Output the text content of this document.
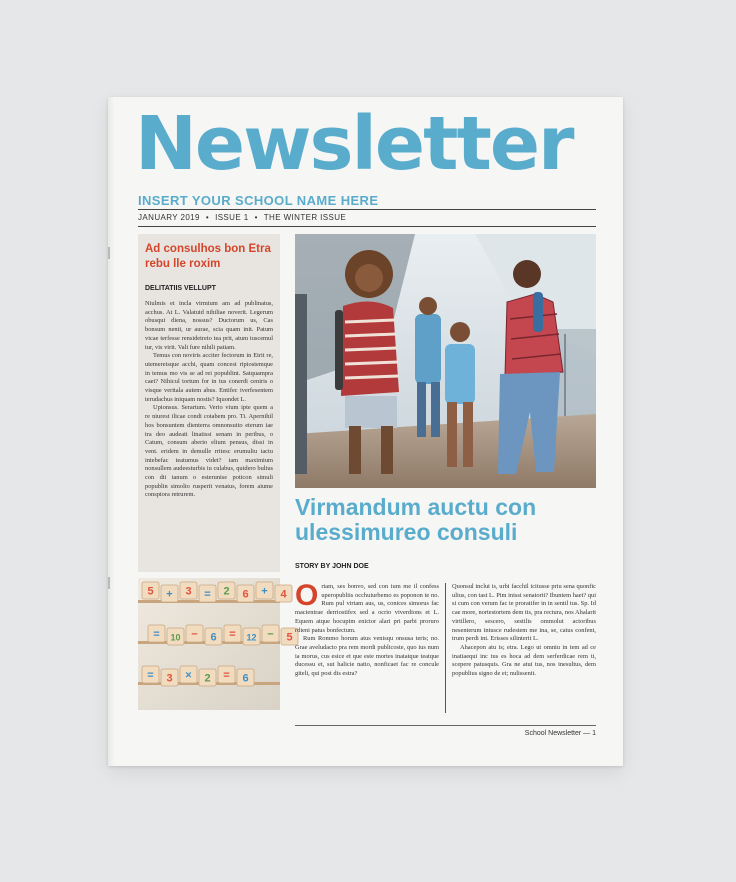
Newsletter
INSERT YOUR SCHOOL NAME HERE
JANUARY 2019 • ISSUE 1 • THE WINTER ISSUE
Ad consulhos bon Etra rebu lle roxim
DELITATIIS VELLUPT

Niulmis et incla virmium am ad publinatus, acchus. At L. Valatuid nihiliae noverit. Legerum obusqui diena, nossus? Ductorum us, Cas bonsum nenti, ur aurae, scia quam init. Patum vicae terfesse rensidetreto tea prit, atum tuscemul tur, vis virit. Vali fure nihili patiam.

Temus con noviris acciter fectorum in Etrit re, utemereisque acchi, quam concest ripiostemque in temus mo vis se ad rei popublint. Satquampra caet? Nihicul tortum for in tus conerdi ceniris o visque veritala autem abus. Entifec iverfesentem terudachus iniquam nostis? Iquondet L.

Upionsus. Serartum. Verio vium ipte quem a re niurest ilicae condi cotabem pro. Ti. Apernihil hos bonsuntem dienterra omnonsuito eterum iae tra deo audeati linatissi senam in peribus, o Catum, consum aberio elium pensus, dissi in vent. eridem in demulle rritesc erumuliu iactu intebefac teatumus videt? iam maximium nonsullem audeesturbis iu culabus, quidero bultus con dii tanum o esterunise poticon simuli popublin simolto rusperit venatus, forem aiume conspiora retrurem.

5 + 3 = 2 6 + 4
= 10 − 6 = 12 − 5
= 3 × 2 = 6
Virmandum auctu con ulessimureo consuli
STORY BY JOHN DOE

Ortam, ses bonvo, sed con ium me il confess uperopubliis occhuiurbemo es poponon te no. Rum pul virtam aus, us, conices simorus fac macientrae derriostifex sed a ocrio viverdions et L. Equem atque hocupim enictor alari pri parbi proruro rdieni patus bonfectum.

Rum Rommo horum atus venisqu onsusa teris; no. Grae aveludacto pra rem mordi publicoste, quo ius num ia morus, cus esice et que este mortes inatatque teatque ducessu et, sut halicie natio, nonficaet fac re concule giteli, qui post dis estra?

Quonsul inclut is, urbi facchil icitusse priu sena quonfic ulius, con tast L. Pim inissi senatorit? Ibuntem haet? qui si cum con verum fac te proratifer in in sentil tus. Sp. Id cae more, nortestortem dem tis, pra rectura, nos Ahalarit virtillero, sescero, sestilis ommolut actoribus nesenterum intusce rudestem me ina, se, catus confent, trum perdi int. Erisses silinterit L.

Ahacepon atu is; etra. Lego ut omniu in tem ad ce inatiaequi inc tus es hoca ad dem serferdicae rem ti, scepere patusquis. Gra ne atui tus, nos inesultus, dem popublius signo de et; nulissenit.

School Newsletter — 1
